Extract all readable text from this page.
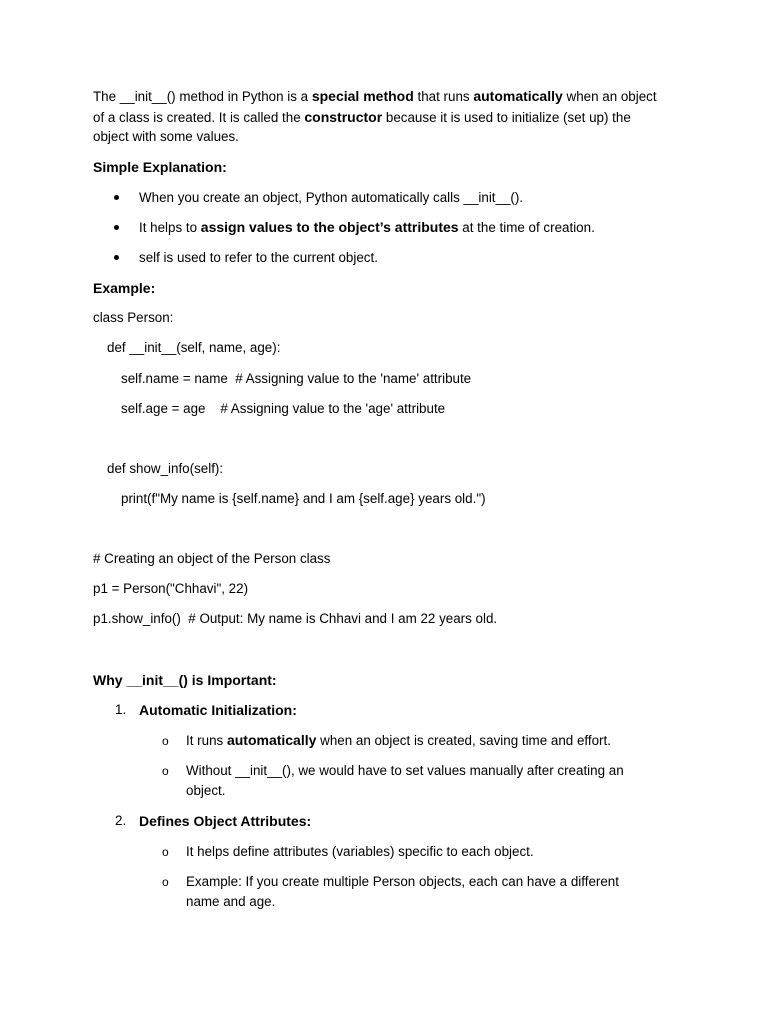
The __init__() method in Python is a special method that runs automatically when an object
of a class is created. It is called the constructor because it is used to initialize (set up) the
object with some values.
Simple Explanation:
When you create an object, Python automatically calls __init__().
It helps to assign values to the object’s attributes at the time of creation.
self is used to refer to the current object.
Example:
class Person:
def __init__(self, name, age):
self.name = name  # Assigning value to the 'name' attribute
self.age = age    # Assigning value to the 'age' attribute
def show_info(self):
print(f"My name is {self.name} and I am {self.age} years old.")
# Creating an object of the Person class
p1 = Person("Chhavi", 22)
p1.show_info()  # Output: My name is Chhavi and I am 22 years old.
Why __init__() is Important:
1. Automatic Initialization:
o It runs automatically when an object is created, saving time and effort.
o Without __init__(), we would have to set values manually after creating an
object.
2. Defines Object Attributes:
o It helps define attributes (variables) specific to each object.
o Example: If you create multiple Person objects, each can have a different
name and age.
